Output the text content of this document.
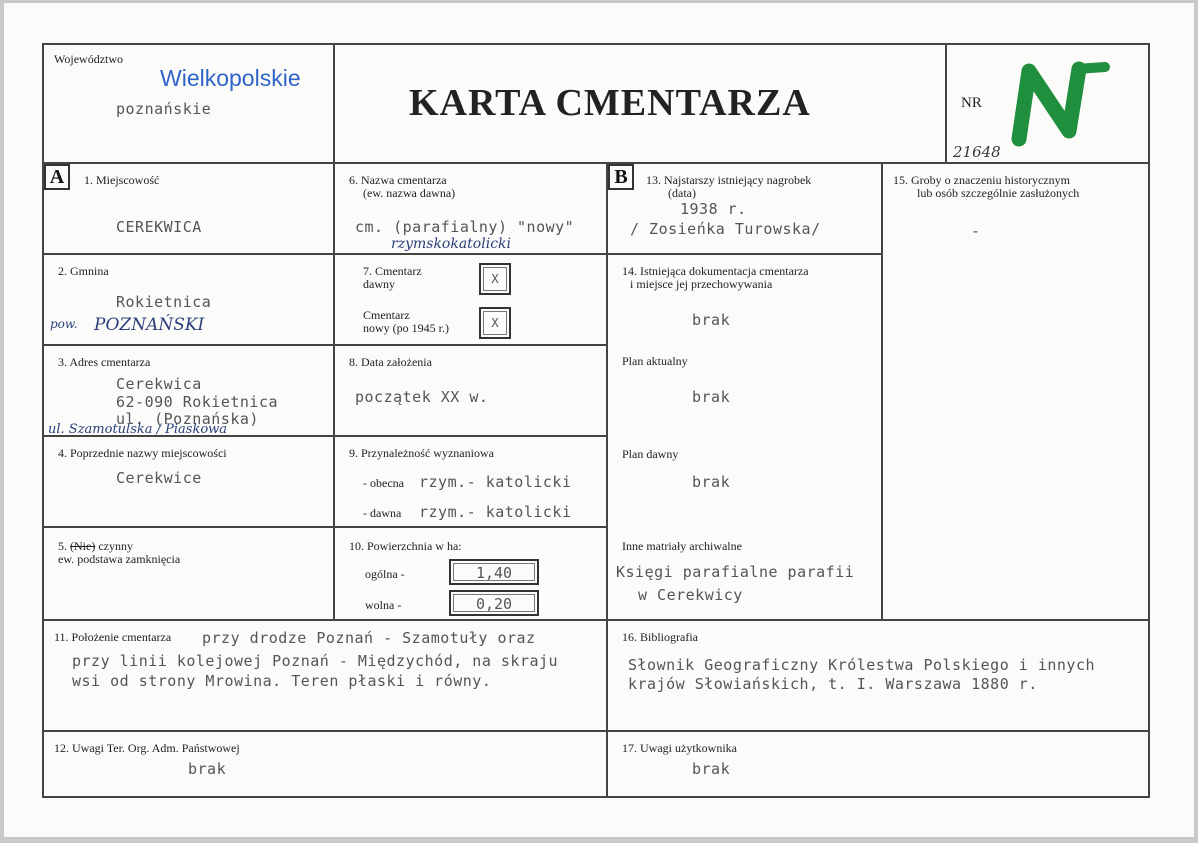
Województwo
Wielkopolskie
poznańskie	KARTA CMENTARZA	NR
21648
A	1. Miejscowość
CEREKWICA
2. Gmnina
Rokietnica
pow. POZNAŃSKI
3. Adres cmentarza
Cerekwica
62-090 Rokietnica
ul. (Poznańska)
ul. Szamotulska / Piaskowa
4. Poprzednie nazwy miejscowości
Cerekwice
5. (Nie) czynny
ew. podstawa zamknięcia
6. Nazwa cmentarza
(ew. nazwa dawna)
cm. (parafialny) "nowy"
rzymskokatolicki
7. Cmentarz
dawny	X
Cmentarz
nowy (po 1945 r.)	X
8. Data założenia
początek XX w.
9. Przynależność wyznaniowa
- obecna rzym.- katolicki
- dawna rzym.- katolicki
10. Powierzchnia w ha:
ogólna -	1,40
wolna -	0,20
B	13. Najstarszy istniejący nagrobek
(data)
1938 r.
/ Zosieńka Turowska/
14. Istniejąca dokumentacja cmentarza
i miejsce jej przechowywania
brak
Plan aktualny
brak
Plan dawny
brak
Inne matriały archiwalne
Księgi parafialne parafii
w Cerekwicy
15. Groby o znaczeniu historycznym
lub osób szczególnie zasłużonych
-
11. Położenie cmentarza przy drodze Poznań - Szamotuły oraz
przy linii kolejowej Poznań - Międzychód, na skraju
wsi od strony Mrowina. Teren płaski i równy.
16. Bibliografia
Słownik Geograficzny Królestwa Polskiego i innych
krajów Słowiańskich, t. I. Warszawa 1880 r.
12. Uwagi Ter. Org. Adm. Państwowej
brak
17. Uwagi użytkownika
brak
